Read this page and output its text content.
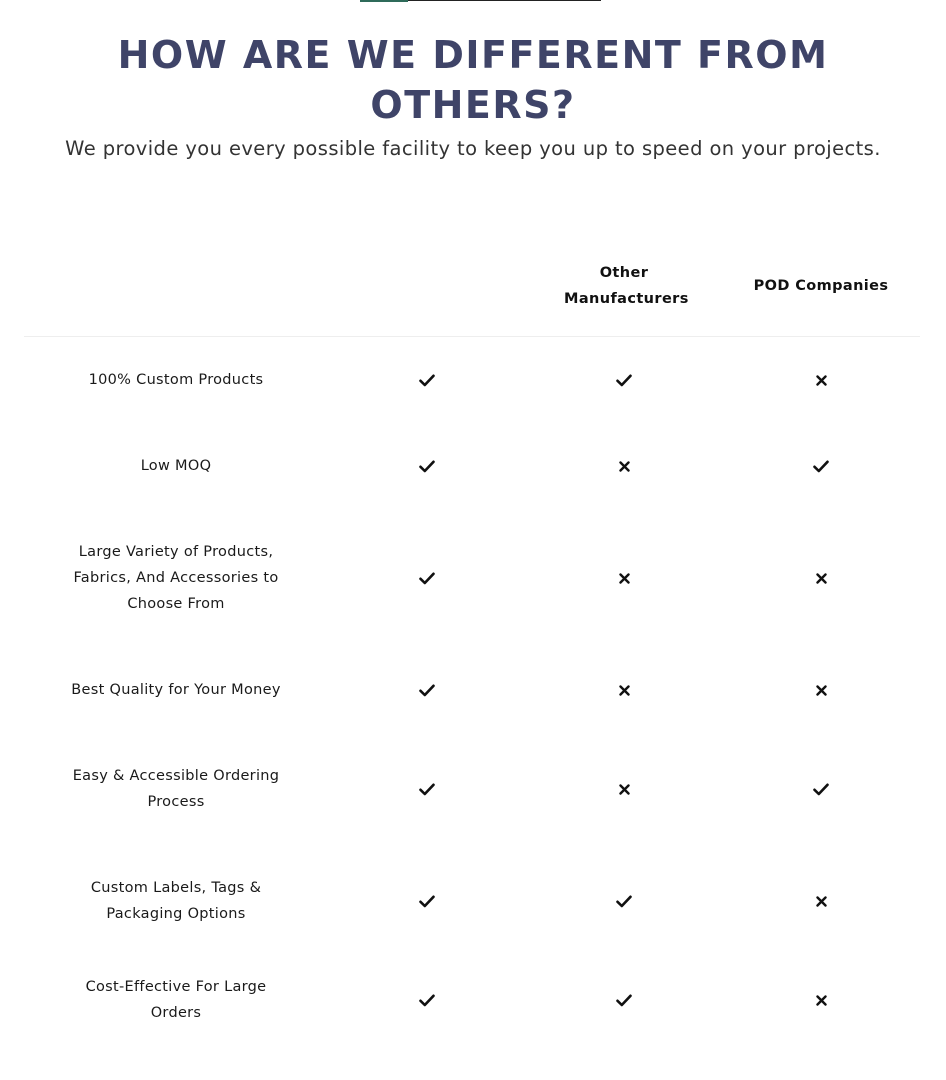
HOW ARE WE DIFFERENT FROM OTHERS?

We provide you every possible facility to keep you up to speed on your projects.

Other Manufacturers
POD Companies
100% Custom Products
Low MOQ
Large Variety of Products, Fabrics, And Accessories to Choose From
Best Quality for Your Money
Easy & Accessible Ordering Process
Custom Labels, Tags & Packaging Options
Cost-Effective For Large Orders
